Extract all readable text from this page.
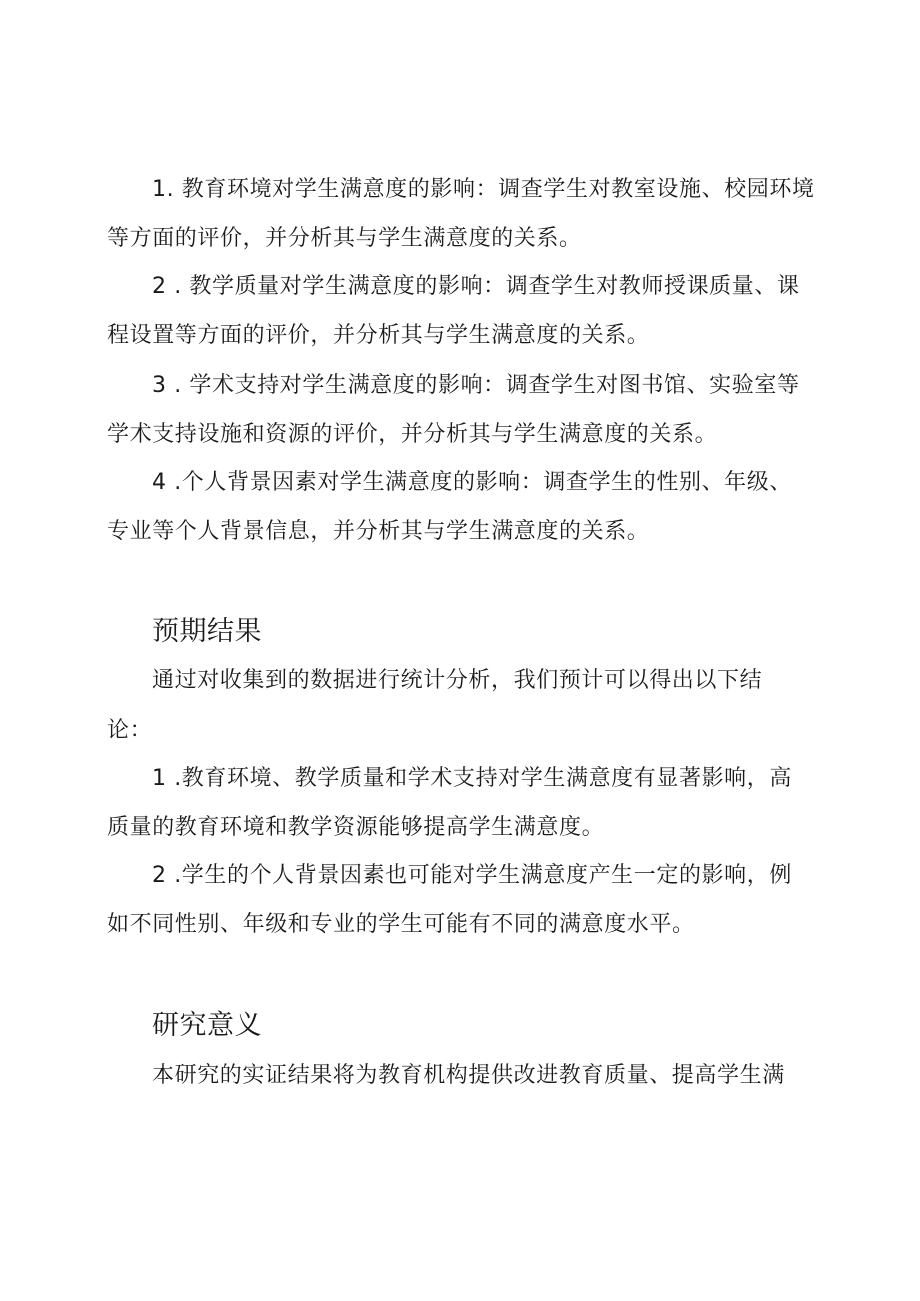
1. 教育环境对学生满意度的影响：调查学生对教室设施、校园环境
等方面的评价，并分析其与学生满意度的关系。
2 . 教学质量对学生满意度的影响：调查学生对教师授课质量、课
程设置等方面的评价，并分析其与学生满意度的关系。
3 . 学术支持对学生满意度的影响：调查学生对图书馆、实验室等
学术支持设施和资源的评价，并分析其与学生满意度的关系。
4 .个人背景因素对学生满意度的影响：调查学生的性别、年级、
专业等个人背景信息，并分析其与学生满意度的关系。
预期结果
通过对收集到的数据进行统计分析，我们预计可以得出以下结
论：
1 .教育环境、教学质量和学术支持对学生满意度有显著影响，高
质量的教育环境和教学资源能够提高学生满意度。
2 .学生的个人背景因素也可能对学生满意度产生一定的影响，例
如不同性别、年级和专业的学生可能有不同的满意度水平。
研究意义
本研究的实证结果将为教育机构提供改进教育质量、提高学生满
